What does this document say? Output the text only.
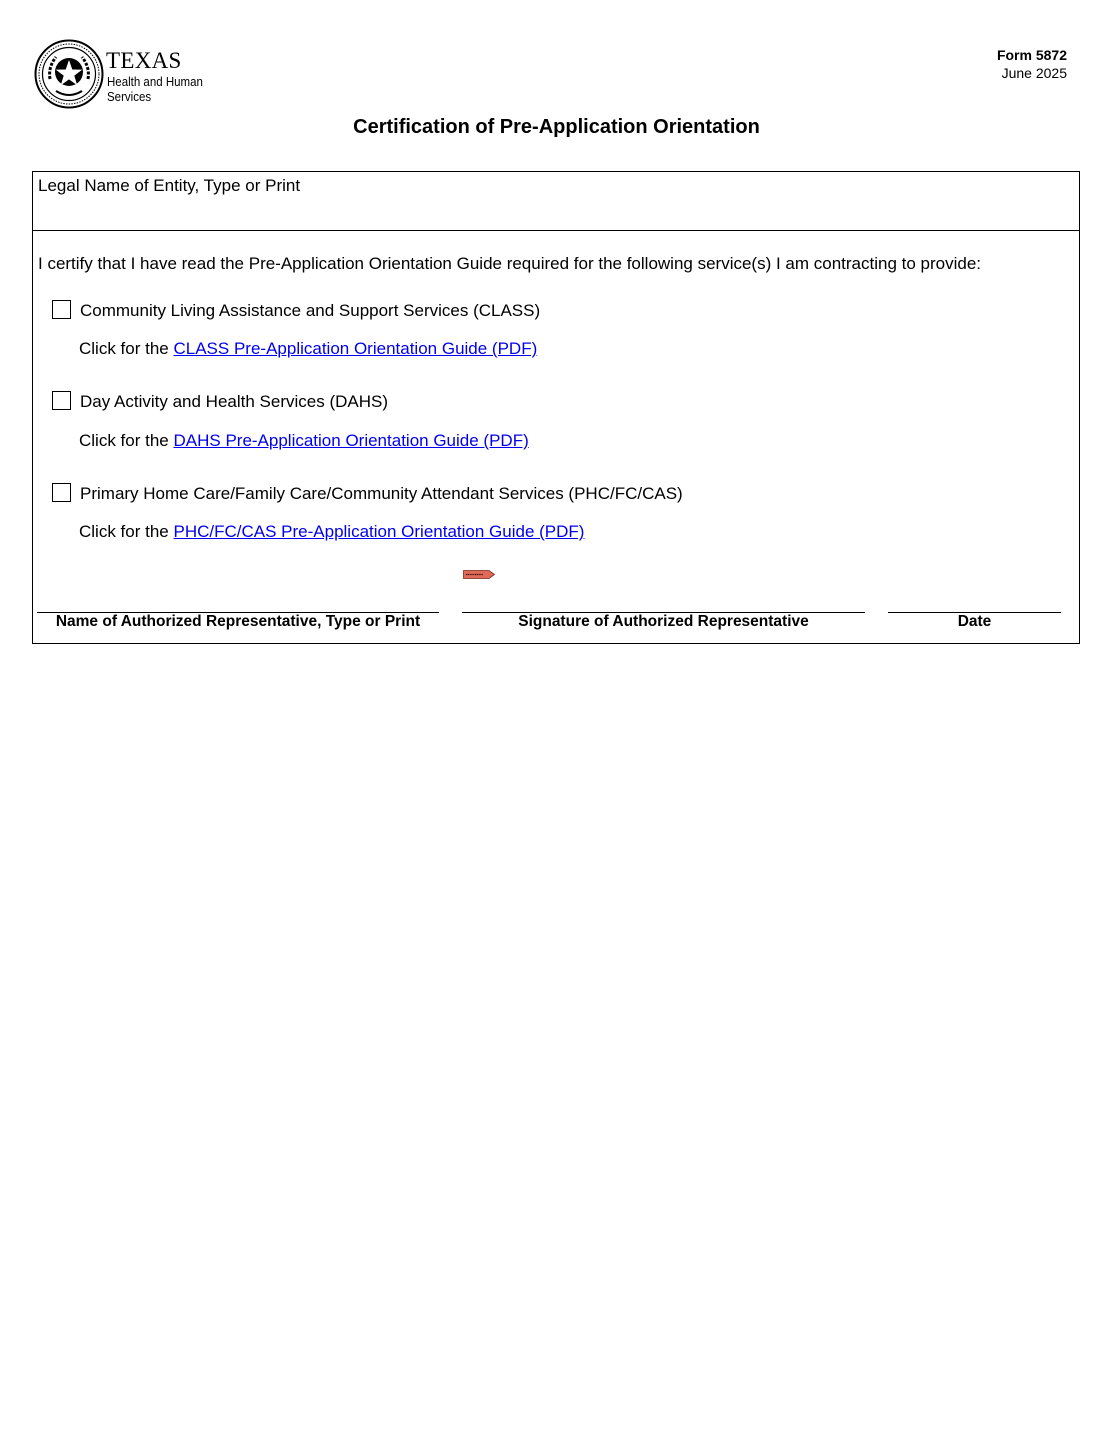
TEXAS
Health and Human
Services
Form 5872
June 2025
Certification of Pre-Application Orientation
Legal Name of Entity, Type or Print
I certify that I have read the Pre-Application Orientation Guide required for the following service(s) I am contracting to provide:
Community Living Assistance and Support Services (CLASS)
Click for the CLASS Pre-Application Orientation Guide (PDF)
Day Activity and Health Services (DAHS)
Click for the DAHS Pre-Application Orientation Guide (PDF)
Primary Home Care/Family Care/Community Attendant Services (PHC/FC/CAS)
Click for the PHC/FC/CAS Pre-Application Orientation Guide (PDF)
Name of Authorized Representative, Type or Print	Signature of Authorized Representative	Date
